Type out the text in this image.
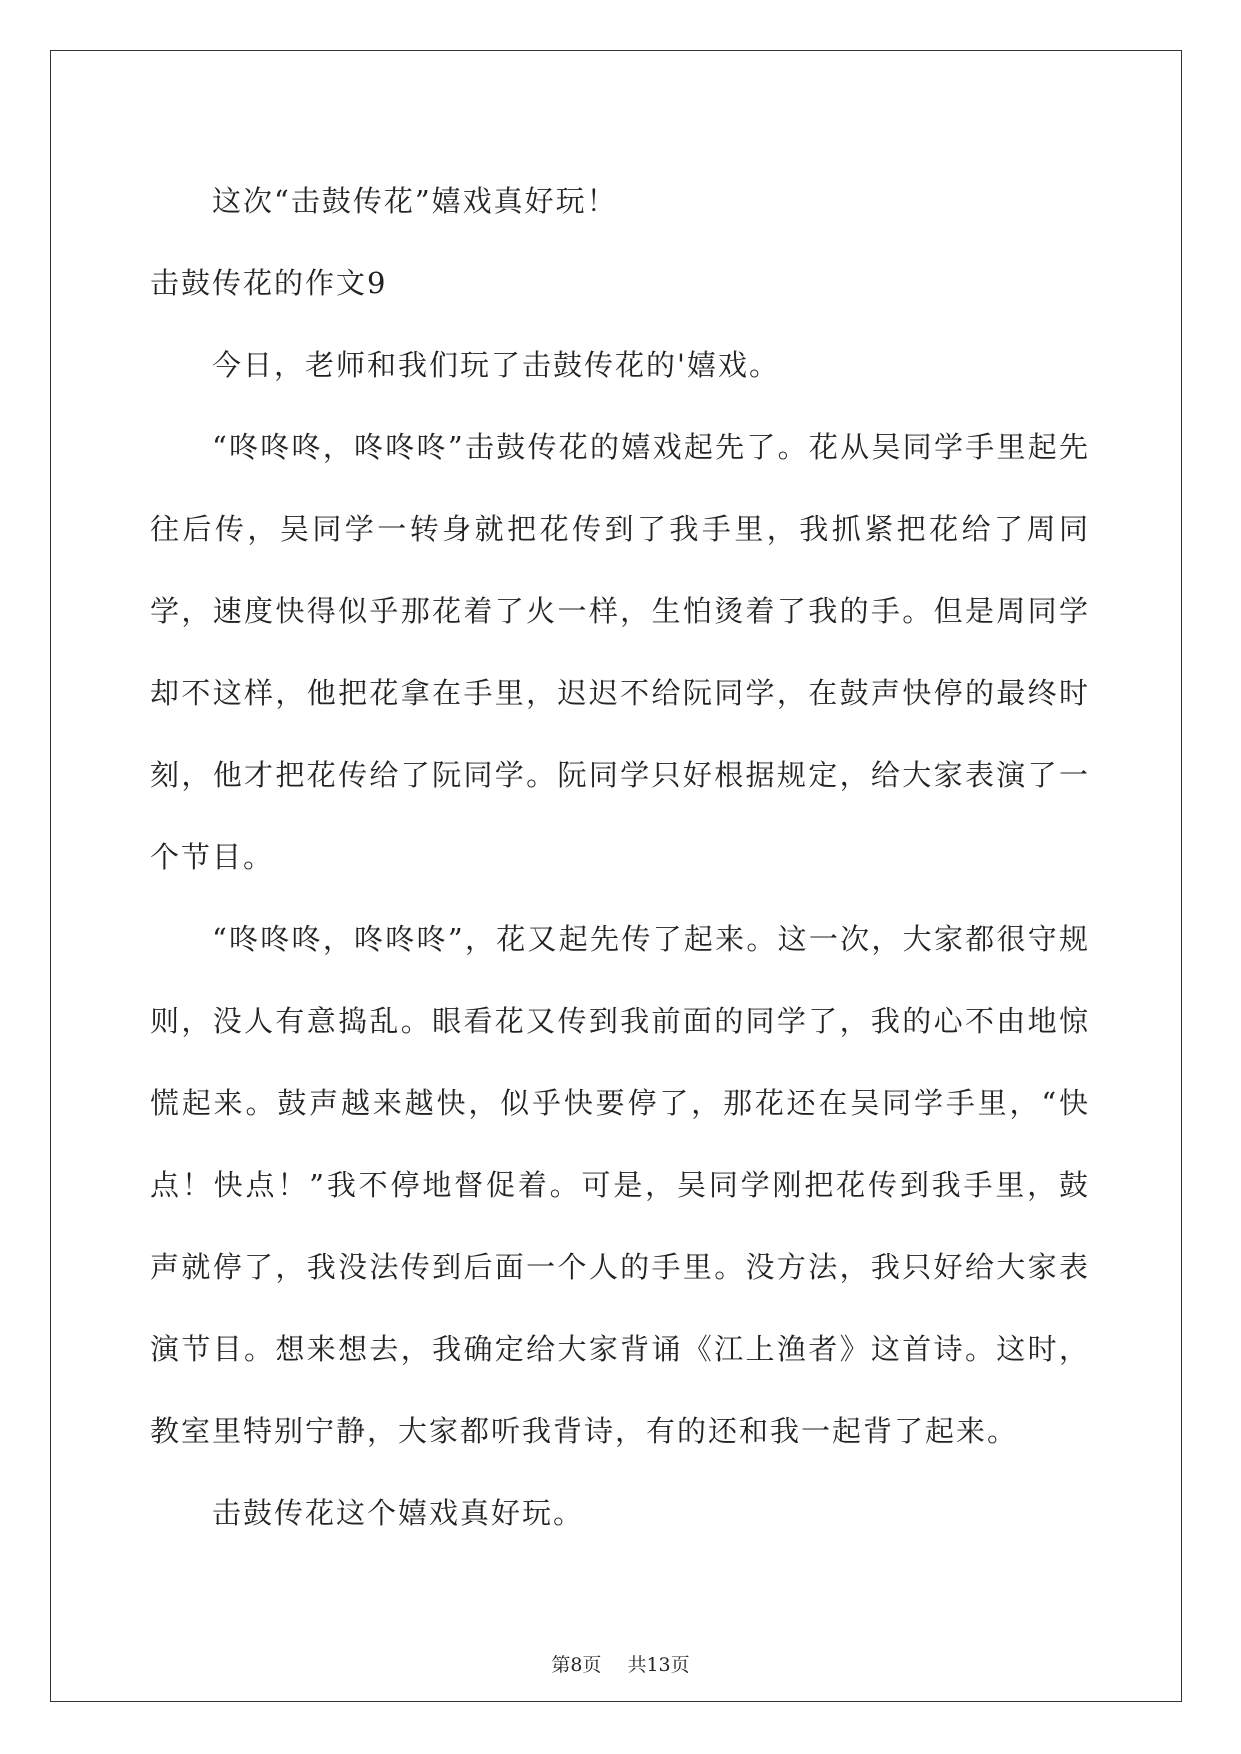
这次“击鼓传花”嬉戏真好玩！

击鼓传花的作文9

今日，老师和我们玩了击鼓传花的'嬉戏。

“咚咚咚，咚咚咚”击鼓传花的嬉戏起先了。花从吴同学手里起先往后传，吴同学一转身就把花传到了我手里，我抓紧把花给了周同学，速度快得似乎那花着了火一样，生怕烫着了我的手。但是周同学却不这样，他把花拿在手里，迟迟不给阮同学，在鼓声快停的最终时刻，他才把花传给了阮同学。阮同学只好根据规定，给大家表演了一个节目。

“咚咚咚，咚咚咚”，花又起先传了起来。这一次，大家都很守规则，没人有意捣乱。眼看花又传到我前面的同学了，我的心不由地惊慌起来。鼓声越来越快，似乎快要停了，那花还在吴同学手里，“快点！快点！”我不停地督促着。可是，吴同学刚把花传到我手里，鼓声就停了，我没法传到后面一个人的手里。没方法，我只好给大家表演节目。想来想去，我确定给大家背诵《江上渔者》这首诗。这时，教室里特别宁静，大家都听我背诗，有的还和我一起背了起来。

击鼓传花这个嬉戏真好玩。

第8页 共13页
